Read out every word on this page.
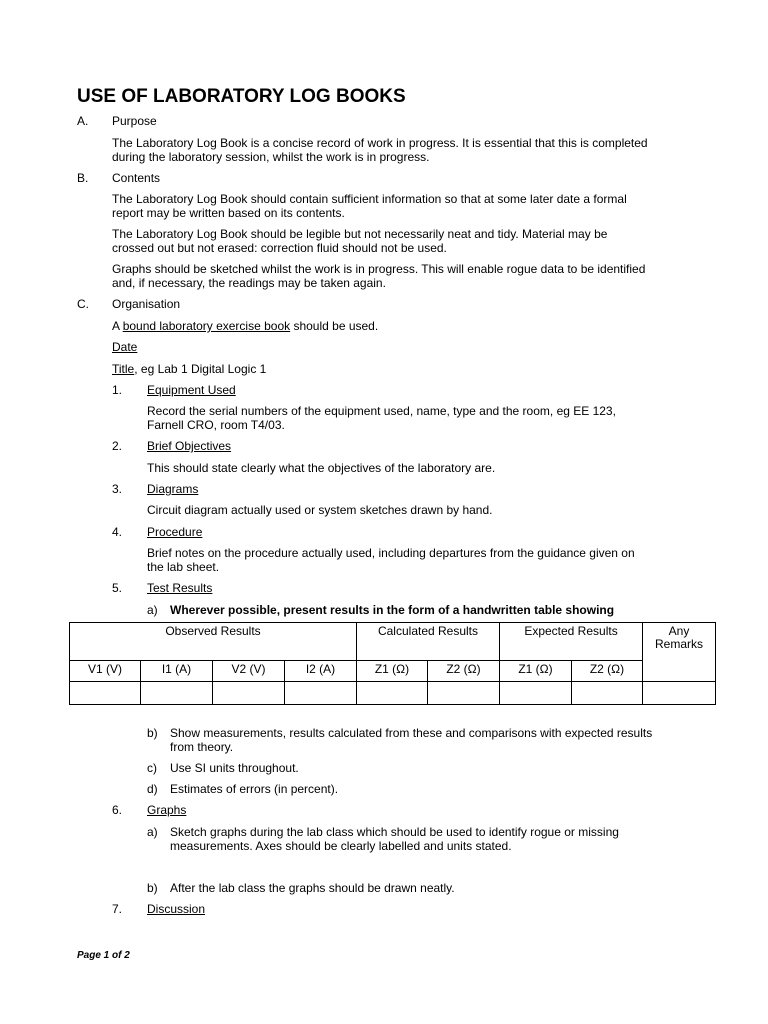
USE OF LABORATORY LOG BOOKS
A. Purpose
The Laboratory Log Book is a concise record of work in progress. It is essential that this is completed
during the laboratory session, whilst the work is in progress.
B. Contents
The Laboratory Log Book should contain sufficient information so that at some later date a formal
report may be written based on its contents.
The Laboratory Log Book should be legible but not necessarily neat and tidy. Material may be
crossed out but not erased: correction fluid should not be used.
Graphs should be sketched whilst the work is in progress. This will enable rogue data to be identified
and, if necessary, the readings may be taken again.
C. Organisation
A bound laboratory exercise book should be used.
Date
Title, eg Lab 1 Digital Logic 1
1. Equipment Used
Record the serial numbers of the equipment used, name, type and the room, eg EE 123,
Farnell CRO, room T4/03.
2. Brief Objectives
This should state clearly what the objectives of the laboratory are.
3. Diagrams
Circuit diagram actually used or system sketches drawn by hand.
4. Procedure
Brief notes on the procedure actually used, including departures from the guidance given on
the lab sheet.
5. Test Results
a) Wherever possible, present results in the form of a handwritten table showing
Observed Results				Calculated Results		Expected Results		Any
Remarks
V1 (V)	I1 (A)	V2 (V)	I2 (A)	Z1 (Ω)	Z2 (Ω)	Z1 (Ω)	Z2 (Ω)	

b) Show measurements, results calculated from these and comparisons with expected results
from theory.
c) Use SI units throughout.
d) Estimates of errors (in percent).
6. Graphs
a) Sketch graphs during the lab class which should be used to identify rogue or missing
measurements. Axes should be clearly labelled and units stated.
b) After the lab class the graphs should be drawn neatly.
7. Discussion
Page 1 of 2
